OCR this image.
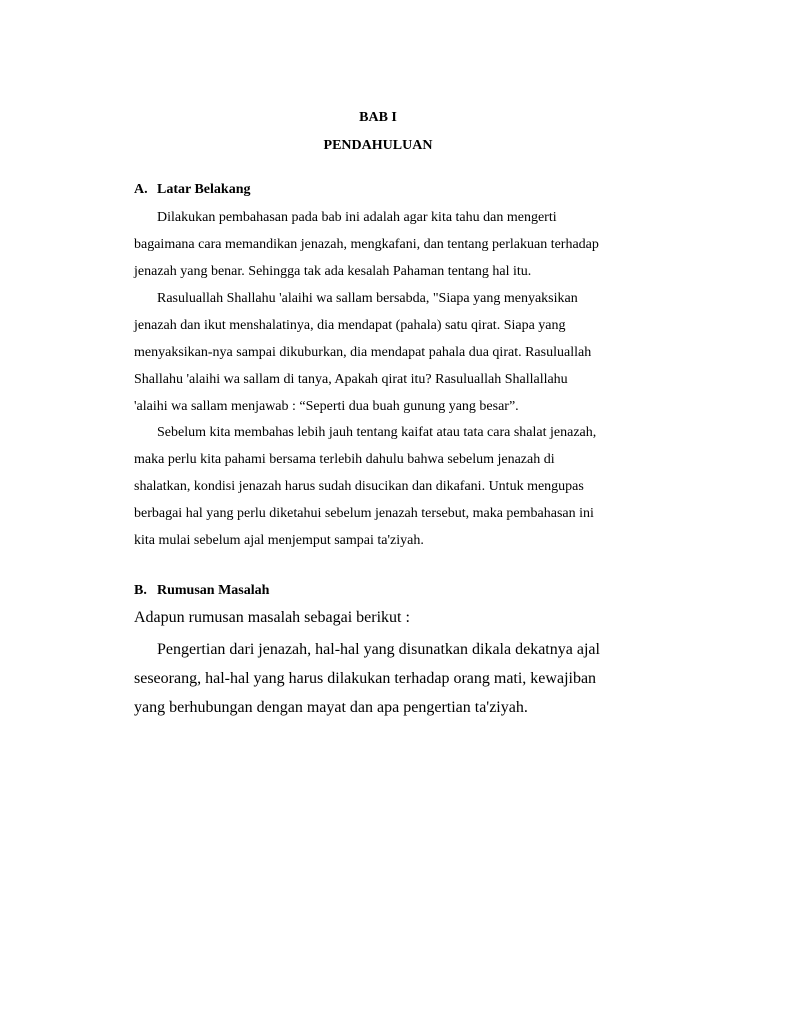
BAB I
PENDAHULUAN
A. Latar Belakang
Dilakukan pembahasan pada bab ini adalah agar kita tahu dan mengerti
bagaimana cara memandikan jenazah, mengkafani, dan tentang perlakuan terhadap
jenazah yang benar. Sehingga tak ada kesalah Pahaman tentang hal itu.
Rasuluallah Shallahu 'alaihi wa sallam bersabda, "Siapa yang menyaksikan
jenazah dan ikut menshalatinya, dia mendapat (pahala) satu qirat. Siapa yang
menyaksikan-nya sampai dikuburkan, dia mendapat pahala dua qirat. Rasuluallah
Shallahu 'alaihi wa sallam di tanya, Apakah qirat itu? Rasuluallah Shallallahu
'alaihi wa sallam menjawab : “Seperti dua buah gunung yang besar”.
Sebelum kita membahas lebih jauh tentang kaifat atau tata cara shalat jenazah,
maka perlu kita pahami bersama terlebih dahulu bahwa sebelum jenazah di
shalatkan, kondisi jenazah harus sudah disucikan dan dikafani. Untuk mengupas
berbagai hal yang perlu diketahui sebelum jenazah tersebut, maka pembahasan ini
kita mulai sebelum ajal menjemput sampai ta'ziyah.
B. Rumusan Masalah

Adapun rumusan masalah sebagai berikut :

Pengertian dari jenazah, hal-hal yang disunatkan dikala dekatnya ajal
seseorang, hal-hal yang harus dilakukan terhadap orang mati, kewajiban
yang berhubungan dengan mayat dan apa pengertian ta'ziyah.
